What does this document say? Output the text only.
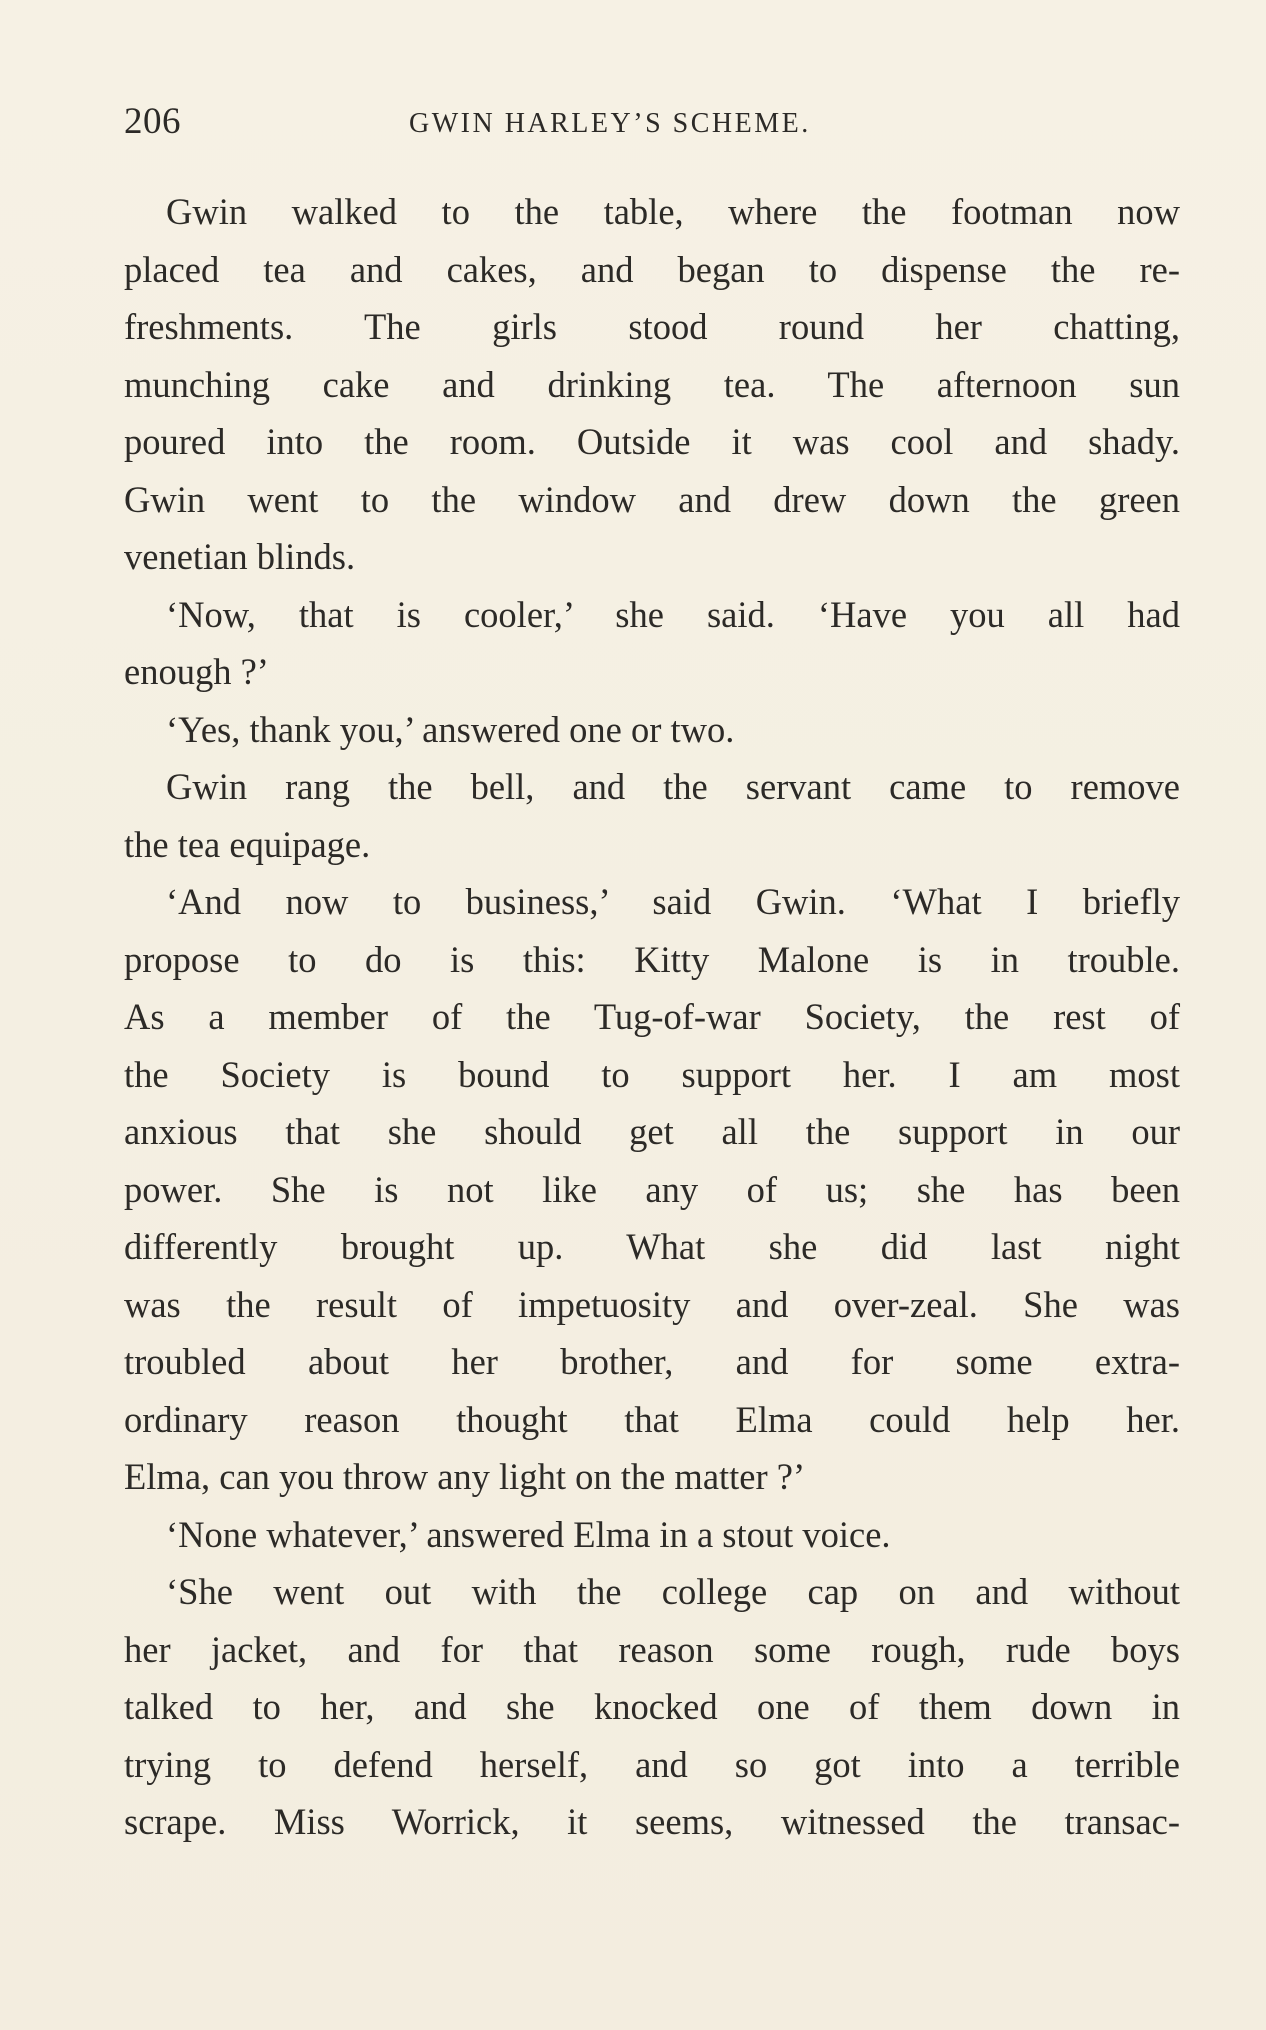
206	GWIN HARLEY’S SCHEME.
Gwin walked to the table, where the footman now
placed tea and cakes, and began to dispense the re-
freshments. The girls stood round her chatting,
munching cake and drinking tea. The afternoon sun
poured into the room. Outside it was cool and shady.
Gwin went to the window and drew down the green
venetian blinds.
‘Now, that is cooler,’ she said. ‘Have you all had
enough ?’
‘Yes, thank you,’ answered one or two.
Gwin rang the bell, and the servant came to remove
the tea equipage.
‘And now to business,’ said Gwin. ‘What I briefly
propose to do is this: Kitty Malone is in trouble.
As a member of the Tug-of-war Society, the rest of
the Society is bound to support her. I am most
anxious that she should get all the support in our
power. She is not like any of us; she has been
differently brought up. What she did last night
was the result of impetuosity and over-zeal. She was
troubled about her brother, and for some extra-
ordinary reason thought that Elma could help her.
Elma, can you throw any light on the matter ?’
‘None whatever,’ answered Elma in a stout voice.
‘She went out with the college cap on and without
her jacket, and for that reason some rough, rude boys
talked to her, and she knocked one of them down in
trying to defend herself, and so got into a terrible
scrape. Miss Worrick, it seems, witnessed the transac-
